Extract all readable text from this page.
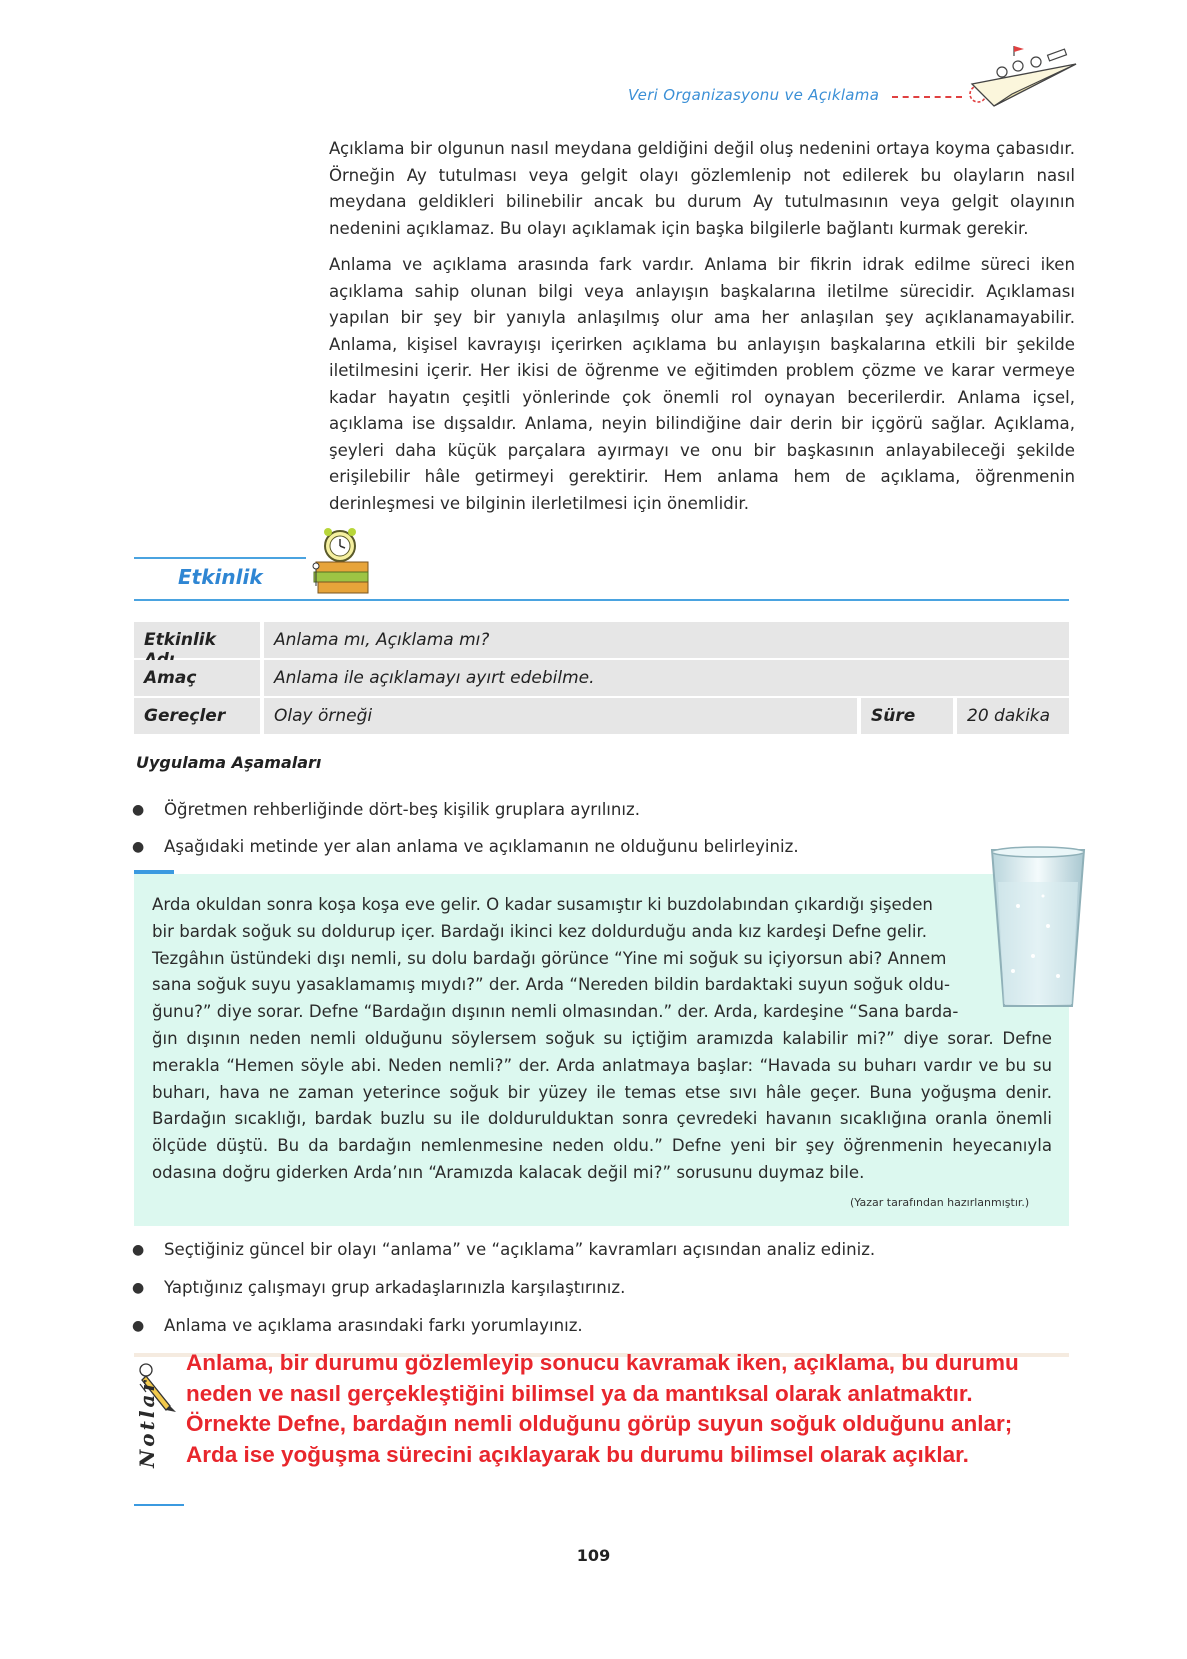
Veri Organizasyonu ve Açıklama

Açıklama bir olgunun nasıl meydana geldiğini değil oluş nedenini ortaya koyma çabasıdır. Örneğin Ay tutulması veya gelgit olayı gözlemlenip not edilerek bu olayların nasıl meydana geldikleri bilinebilir ancak bu durum Ay tutulmasının veya gelgit olayının nedenini açıklamaz. Bu olayı açıklamak için başka bilgilerle bağlantı kurmak gerekir.

Anlama ve açıklama arasında fark vardır. Anlama bir fikrin idrak edilme süreci iken açıklama sahip olunan bilgi veya anlayışın başkalarına iletilme sürecidir. Açıklaması yapılan bir şey bir yanıyla anlaşılmış olur ama her anlaşılan şey açıklanamayabilir. Anlama, kişisel kavrayışı içerirken açıklama bu anlayışın başkalarına etkili bir şekilde iletilmesini içerir. Her ikisi de öğrenme ve eğitimden problem çözme ve karar vermeye kadar hayatın çeşitli yönlerinde çok önemli rol oynayan becerilerdir. Anlama içsel, açıklama ise dışsaldır. Anlama, neyin bilindiğine dair derin bir içgörü sağlar. Açıklama, şeyleri daha küçük parçalara ayırmayı ve onu bir başkasının anlayabileceği şekilde erişilebilir hâle getirmeyi gerektirir. Hem anlama hem de açıklama, öğrenmenin derinleşmesi ve bilginin ilerletilmesi için önemlidir.

Etkinlik
Etkinlik	Anlama mı, Açıklama mı?
Amaç	Anlama ile açıklamayı ayırt edebilme.
Gereçler	Olay örneği	Süre	20 dakika
Uygulama Aşamaları
● Öğretmen rehberliğinde dört-beş kişilik gruplara ayrılınız.
● Aşağıdaki metinde yer alan anlama ve açıklamanın ne olduğunu belirleyiniz.
Arda okuldan sonra koşa koşa eve gelir. O kadar susamıştır ki buzdolabından çıkardığı şişeden
bir bardak soğuk su doldurup içer. Bardağı ikinci kez doldurduğu anda kız kardeşi Defne gelir.
Tezgâhın üstündeki dışı nemli, su dolu bardağı görünce “Yine mi soğuk su içiyorsun abi? Annem
sana soğuk suyu yasaklamamış mıydı?” der. Arda “Nereden bildin bardaktaki suyun soğuk oldu-
ğunu?” diye sorar. Defne “Bardağın dışının nemli olmasından.” der. Arda, kardeşine “Sana barda-
ğın dışının neden nemli olduğunu söylersem soğuk su içtiğim aramızda kalabilir mi?” diye sorar. Defne merakla “Hemen söyle abi. Neden nemli?” der. Arda anlatmaya başlar: “Havada su buharı vardır ve bu su buharı, hava ne zaman yeterince soğuk bir yüzey ile temas etse sıvı hâle geçer. Buna yoğuşma denir. Bardağın sıcaklığı, bardak buzlu su ile doldurulduktan sonra çevredeki havanın sıcaklığına oranla önemli ölçüde düştü. Bu da bardağın nemlenmesine neden oldu.” Defne yeni bir şey öğrenmenin heyecanıyla odasına doğru giderken Arda’nın “Aramızda kalacak değil mi?” sorusunu duymaz bile.
(Yazar tarafından hazırlanmıştır.)
● Seçtiğiniz güncel bir olayı “anlama” ve “açıklama” kavramları açısından analiz ediniz.
● Yaptığınız çalışmayı grup arkadaşlarınızla karşılaştırınız.
● Anlama ve açıklama arasındaki farkı yorumlayınız.
Notlar
Anlama, bir durumu gözlemleyip sonucu kavramak iken, açıklama, bu durumu
neden ve nasıl gerçekleştiğini bilimsel ya da mantıksal olarak anlatmaktır.
Örnekte Defne, bardağın nemli olduğunu görüp suyun soğuk olduğunu anlar;
Arda ise yoğuşma sürecini açıklayarak bu durumu bilimsel olarak açıklar.
109
